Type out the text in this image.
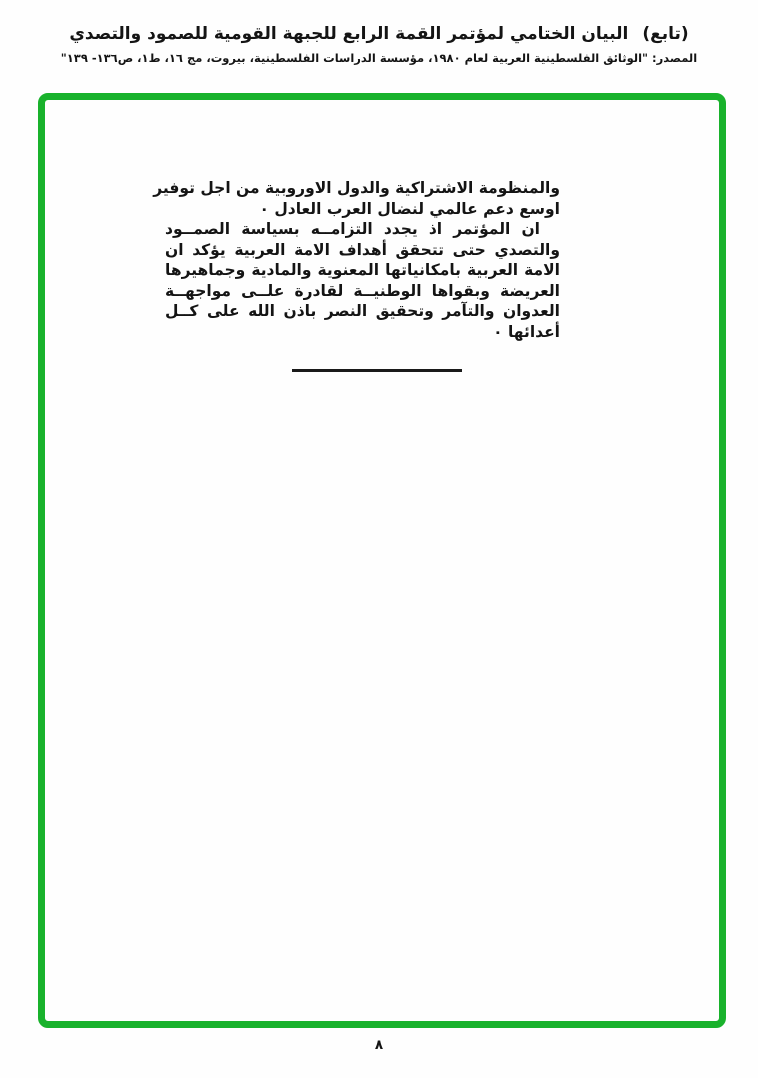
(تابع)البيان الختامي لمؤتمر القمة الرابع للجبهة القومية للصمود والتصدي
المصدر: "الوثائق الفلسطينية العربية لعام ١٩٨٠، مؤسسة الدراسات الفلسطينية، بيروت، مج ١٦، ط١، ص١٣٦- ١٣٩"
والمنظومة الاشتراكية والدول الاوروبية من اجل توفير
اوسع دعم عالمي لنضال العرب العادل ٠
ان المؤتمر اذ يجدد التزامــه بسياسة الصمــود
والتصدي حتى تتحقق أهداف الامة العربية يؤكد ان
الامة العربية بامكانياتها المعنوية والمادية وجماهيرها
العريضة وبقواها الوطنيــة لقادرة علــى مواجهــة
العدوان والتآمر وتحقيق النصر باذن الله على كــل
أعدائها ٠
٨
